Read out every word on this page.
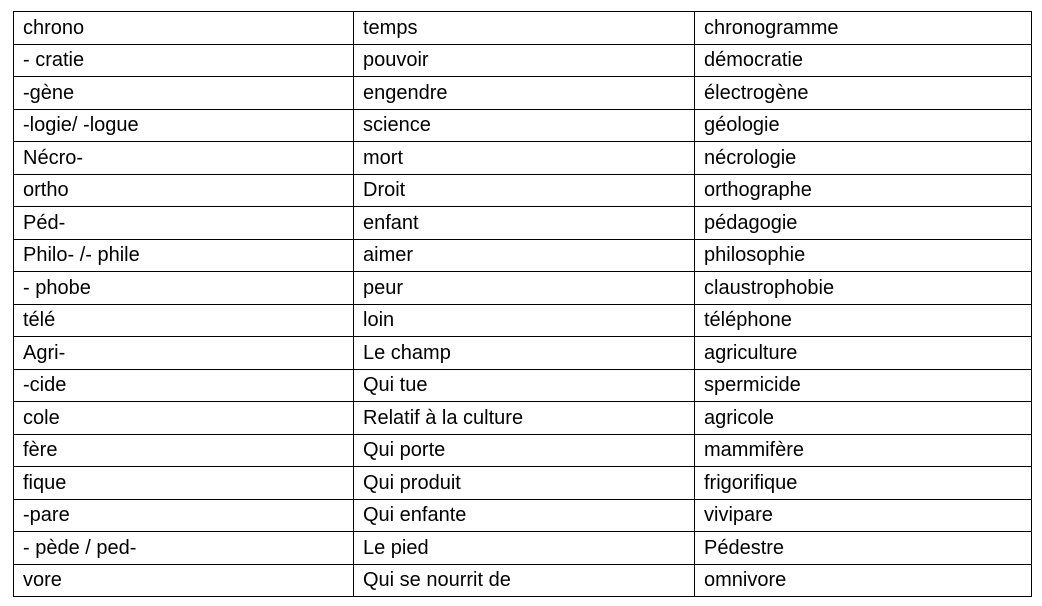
chrono	temps	chronogramme
- cratie	pouvoir	démocratie
-gène	engendre	électrogène
-logie/ -logue	science	géologie
Nécro-	mort	nécrologie
ortho	Droit	orthographe
Péd-	enfant	pédagogie
Philo- /- phile	aimer	philosophie
- phobe	peur	claustrophobie
télé	loin	téléphone
Agri-	Le champ	agriculture
-cide	Qui tue	spermicide
cole	Relatif à la culture	agricole
fère	Qui porte	mammifère
fique	Qui produit	frigorifique
-pare	Qui enfante	vivipare
- pède / ped-	Le pied	Pédestre
vore	Qui se nourrit de	omnivore
